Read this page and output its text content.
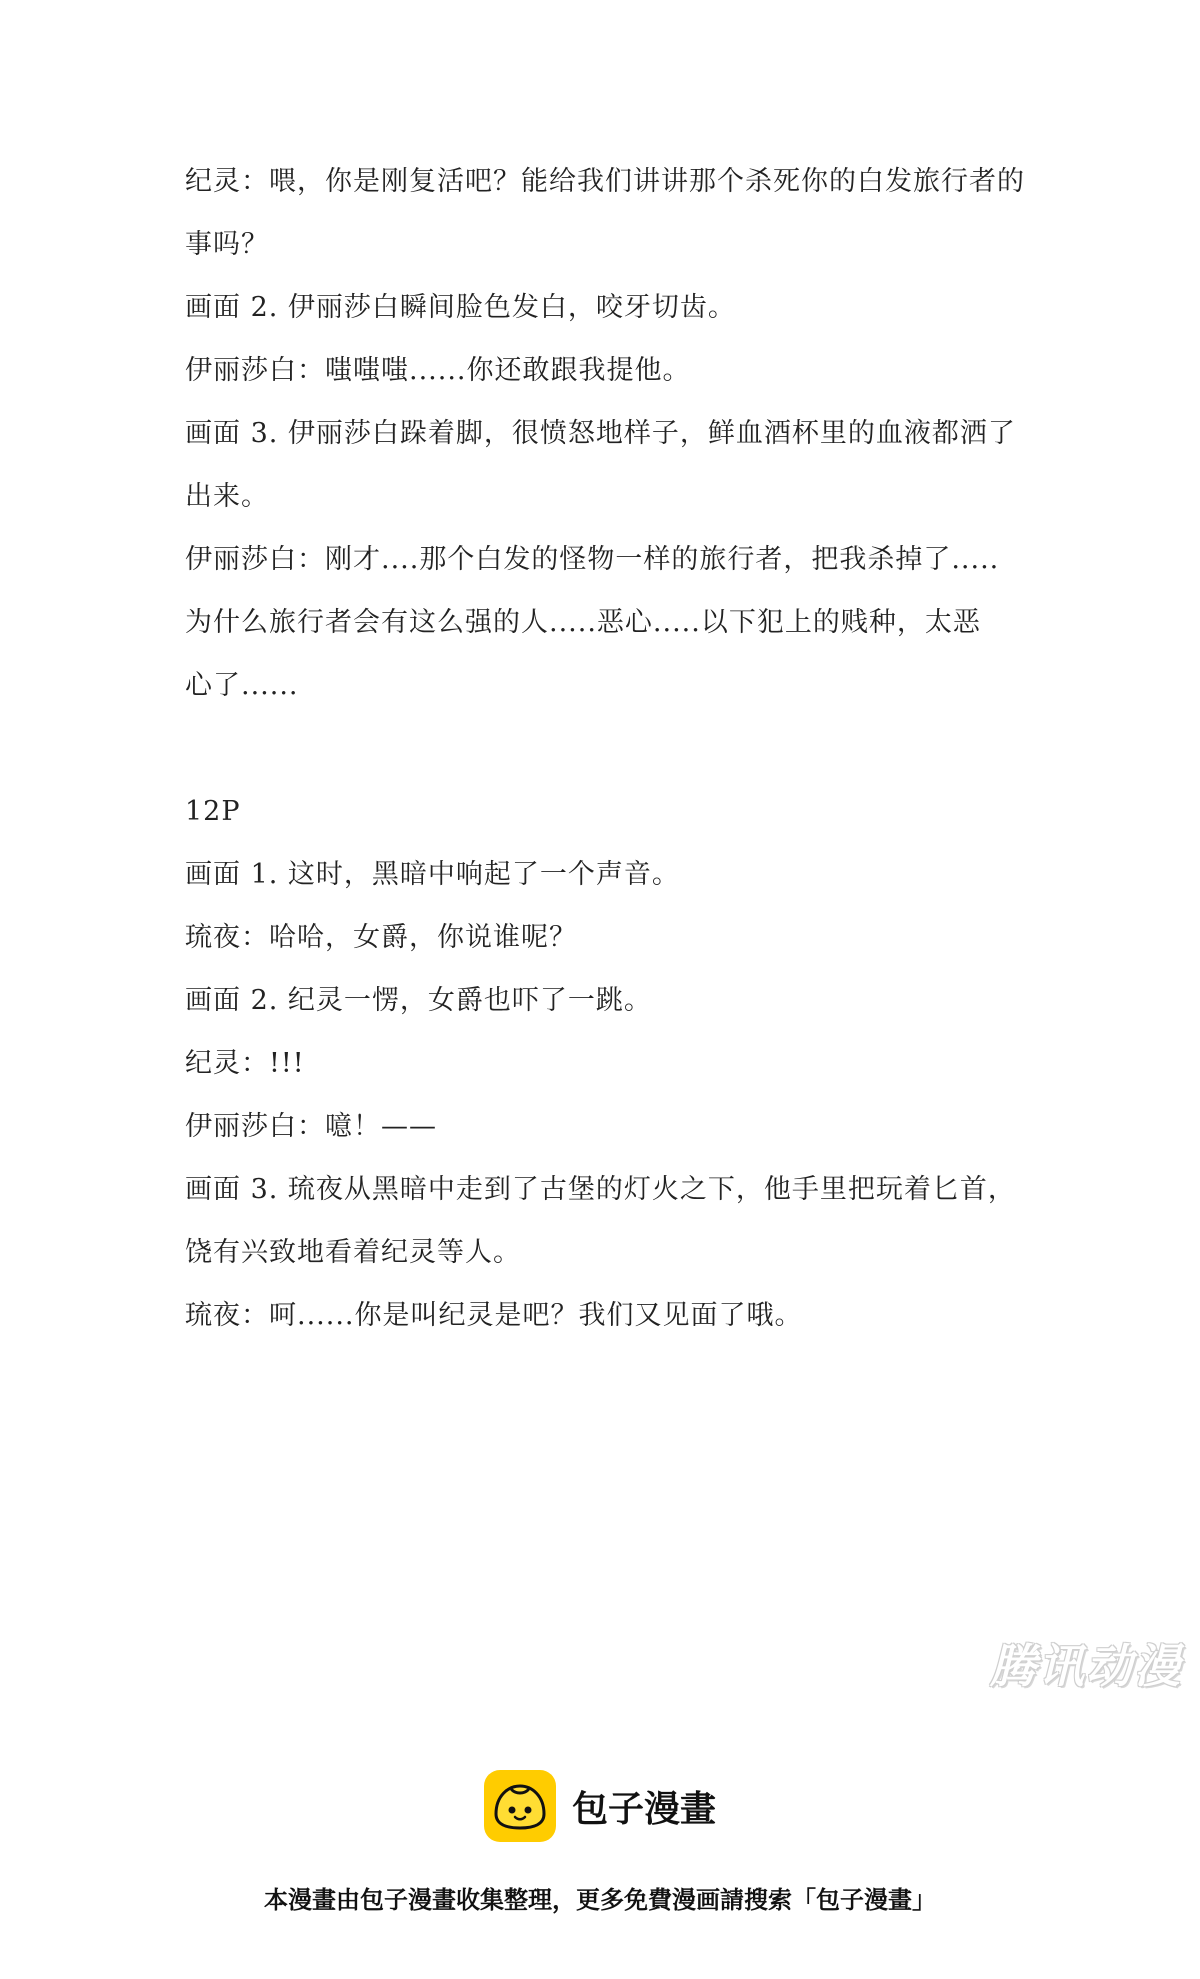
纪灵：喂，你是刚复活吧？能给我们讲讲那个杀死你的白发旅行者的

事吗？

画面 2. 伊丽莎白瞬间脸色发白，咬牙切齿。

伊丽莎白：嗤嗤嗤......你还敢跟我提他。

画面 3. 伊丽莎白跺着脚，很愤怒地样子，鲜血酒杯里的血液都洒了

出来。

伊丽莎白：刚才....那个白发的怪物一样的旅行者，把我杀掉了.....

为什么旅行者会有这么强的人.....恶心.....以下犯上的贱种，太恶

心了......

12P

画面 1. 这时，黑暗中响起了一个声音。

琉夜：哈哈，女爵，你说谁呢？

画面 2. 纪灵一愣，女爵也吓了一跳。

纪灵：!!!

伊丽莎白：噫！——

画面 3. 琉夜从黑暗中走到了古堡的灯火之下，他手里把玩着匕首，

饶有兴致地看着纪灵等人。

琉夜：呵......你是叫纪灵是吧？我们又见面了哦。

腾讯动漫
包子漫畫
本漫畫由包子漫畫收集整理，更多免費漫画請搜索「包子漫畫」
